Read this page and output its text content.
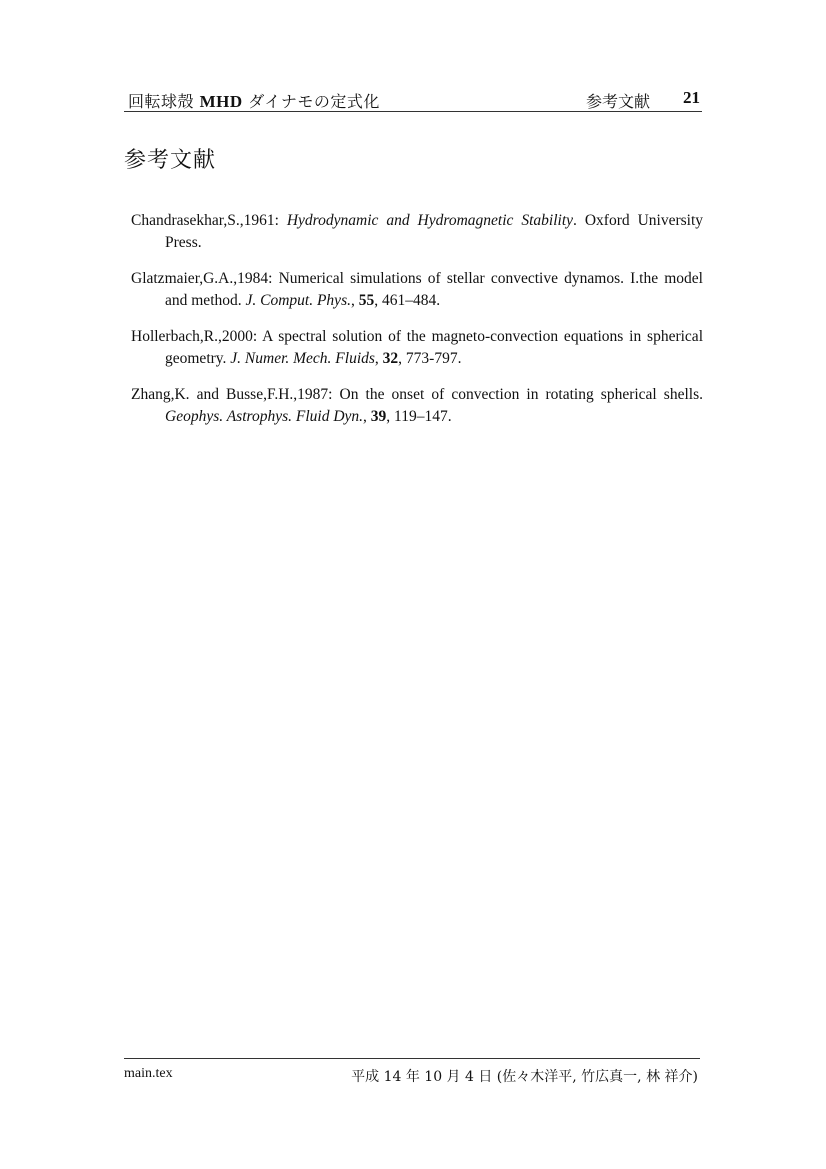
回転球殻 MHD ダイナモの定式化	参考文献 21
参考文献
Chandrasekhar,S.,1961: Hydrodynamic and Hydromagnetic Stability. Oxford University Press.
Glatzmaier,G.A.,1984: Numerical simulations of stellar convective dynamos. I.the model and method. J. Comput. Phys., 55, 461–484.
Hollerbach,R.,2000: A spectral solution of the magneto-convection equations in spherical geometry. J. Numer. Mech. Fluids, 32, 773-797.
Zhang,K. and Busse,F.H.,1987: On the onset of convection in rotating spherical shells. Geophys. Astrophys. Fluid Dyn., 39, 119–147.
main.tex	平成 14 年 10 月 4 日 (佐々木洋平, 竹広真一, 林 祥介)
